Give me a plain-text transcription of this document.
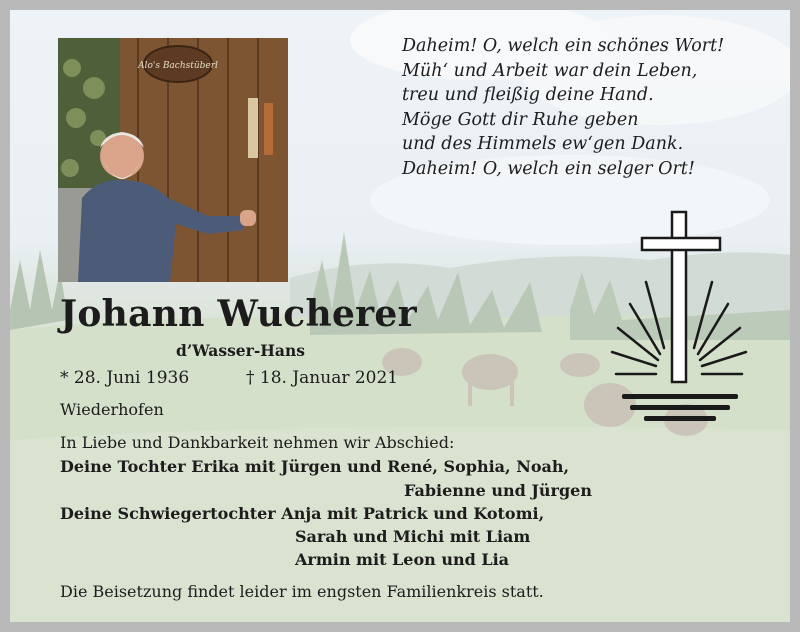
Alo's Bachstüberl
Daheim! O, welch ein schönes Wort!
Müh‘ und Arbeit war dein Leben,
treu und fleißig deine Hand.
Möge Gott dir Ruhe geben
und des Himmels ew‘gen Dank.
Daheim! O, welch ein selger Ort!
Johann Wucherer
d’Wasser-Hans
* 28. Juni 1936	† 18. Januar 2021
Wiederhofen
In Liebe und Dankbarkeit nehmen wir Abschied:
Deine Tochter Erika mit Jürgen und René, Sophia, Noah,
Fabienne und Jürgen
Deine Schwiegertochter Anja mit Patrick und Kotomi,
Sarah und Michi mit Liam
Armin mit Leon und Lia
Die Beisetzung findet leider im engsten Familienkreis statt.
